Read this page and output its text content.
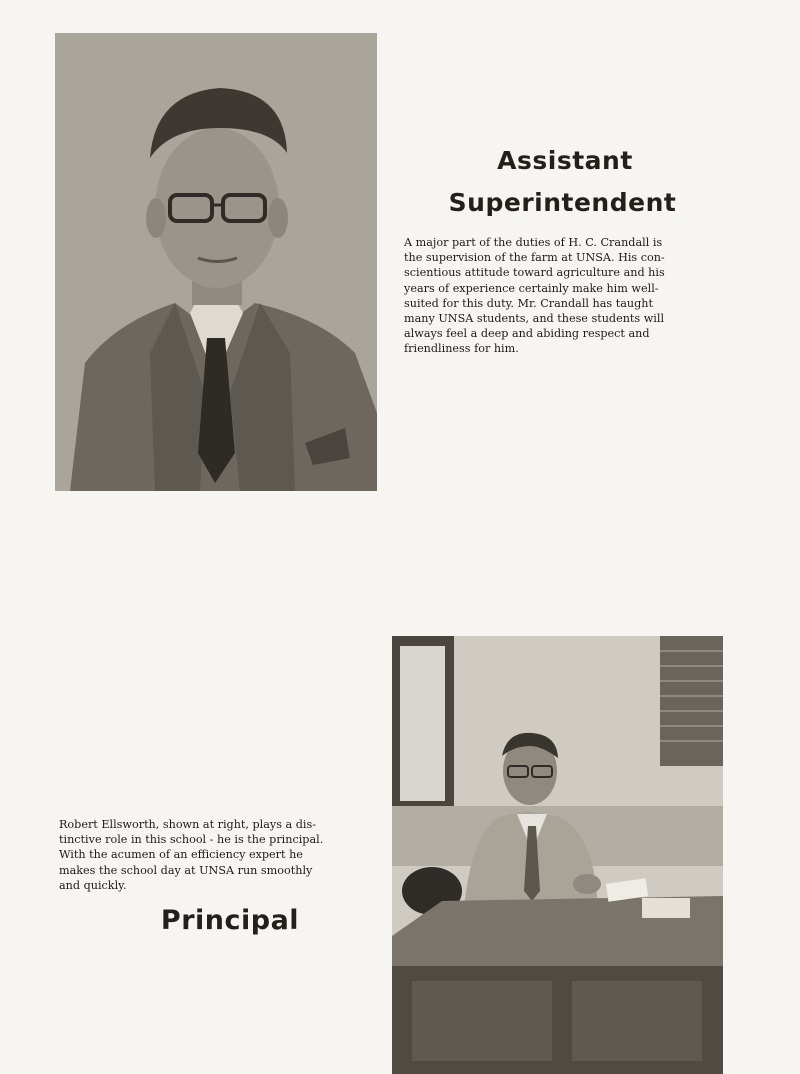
Assistant
Superintendent

A major part of the duties of H. C. Crandall is
the supervision of the farm at UNSA. His con-
scientious attitude toward agriculture and his
years of experience certainly make him well-
suited for this duty. Mr. Crandall has taught
many UNSA students, and these students will
always feel a deep and abiding respect and
friendliness for him.

Robert Ellsworth, shown at right, plays a dis-
tinctive role in this school - he is the principal.
With the acumen of an efficiency expert he
makes the school day at UNSA run smoothly
and quickly.

Principal
